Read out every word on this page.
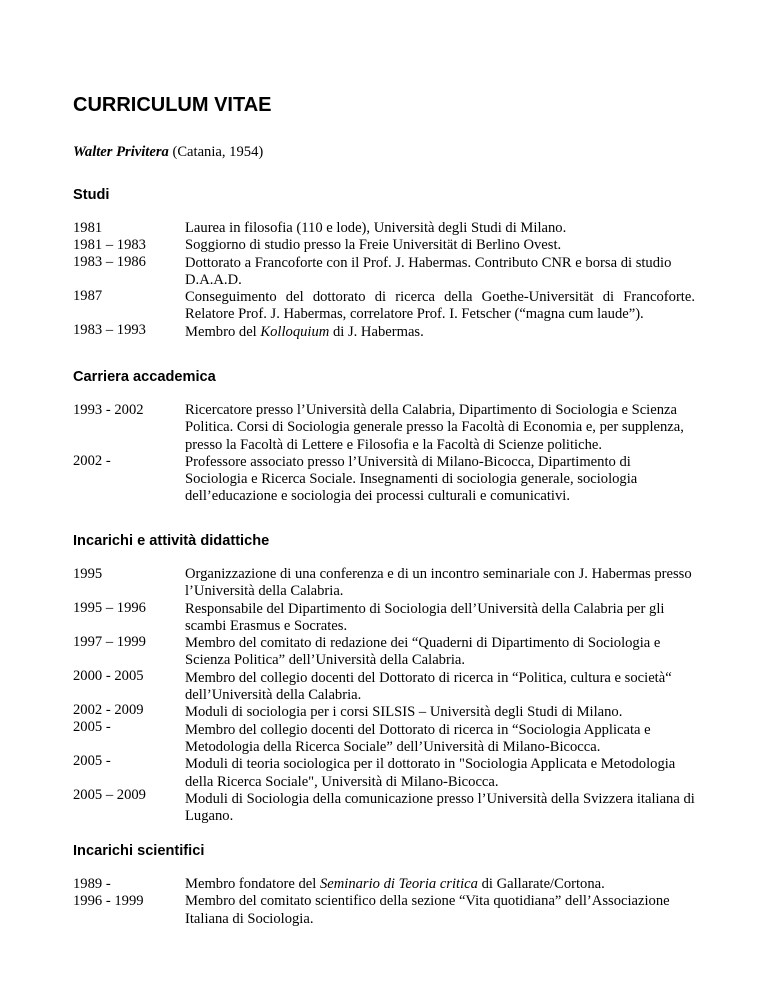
CURRICULUM VITAE

Walter Privitera (Catania, 1954)

Studi
1981
1981 – 1983
1983 – 1986
1987
1983 – 1993

Laurea in filosofia (110 e lode), Università degli Studi di Milano.

Soggiorno di studio presso la Freie Universität di Berlino Ovest.

Dottorato a Francoforte con il Prof. J. Habermas. Contributo CNR e borsa di studio D.A.A.D.

Conseguimento del dottorato di ricerca della Goethe-Universität di Francoforte. Relatore Prof. J. Habermas, correlatore Prof. I. Fetscher (“magna cum laude”).

Membro del Kolloquium di J. Habermas.

Carriera accademica
1993 - 2002
2002 -

Ricercatore presso l’Università della Calabria, Dipartimento di Sociologia e Scienza Politica. Corsi di Sociologia generale presso la Facoltà di Economia e, per supplenza, presso la Facoltà di Lettere e Filosofia e la Facoltà di Scienze politiche.

Professore associato presso l’Università di Milano-Bicocca, Dipartimento di Sociologia e Ricerca Sociale. Insegnamenti di sociologia generale, sociologia dell’educazione e sociologia dei processi culturali e comunicativi.

Incarichi e attività didattiche
1995
1995 – 1996
1997 – 1999
2000 - 2005
2002 - 2009
2005 -
2005 -
2005 – 2009

Organizzazione di una conferenza e di un incontro seminariale con J. Habermas presso l’Università della Calabria.

Responsabile del Dipartimento di Sociologia dell’Università della Calabria per gli scambi Erasmus e Socrates.

Membro del comitato di redazione dei “Quaderni di Dipartimento di Sociologia e Scienza Politica” dell’Università della Calabria.

Membro del collegio docenti del Dottorato di ricerca in “Politica, cultura e società“ dell’Università della Calabria.

Moduli di sociologia per i corsi SILSIS – Università degli Studi di Milano.

Membro del collegio docenti del Dottorato di ricerca in “Sociologia Applicata e Metodologia della Ricerca Sociale” dell’Università di Milano-Bicocca.

Moduli di teoria sociologica per il dottorato in "Sociologia Applicata e Metodologia della Ricerca Sociale", Università di Milano-Bicocca.

Moduli di Sociologia della comunicazione presso l’Università della Svizzera italiana di Lugano.

Incarichi scientifici
1989 -
1996 - 1999

Membro fondatore del Seminario di Teoria critica di Gallarate/Cortona.

Membro del comitato scientifico della sezione “Vita quotidiana” dell’Associazione Italiana di Sociologia.
